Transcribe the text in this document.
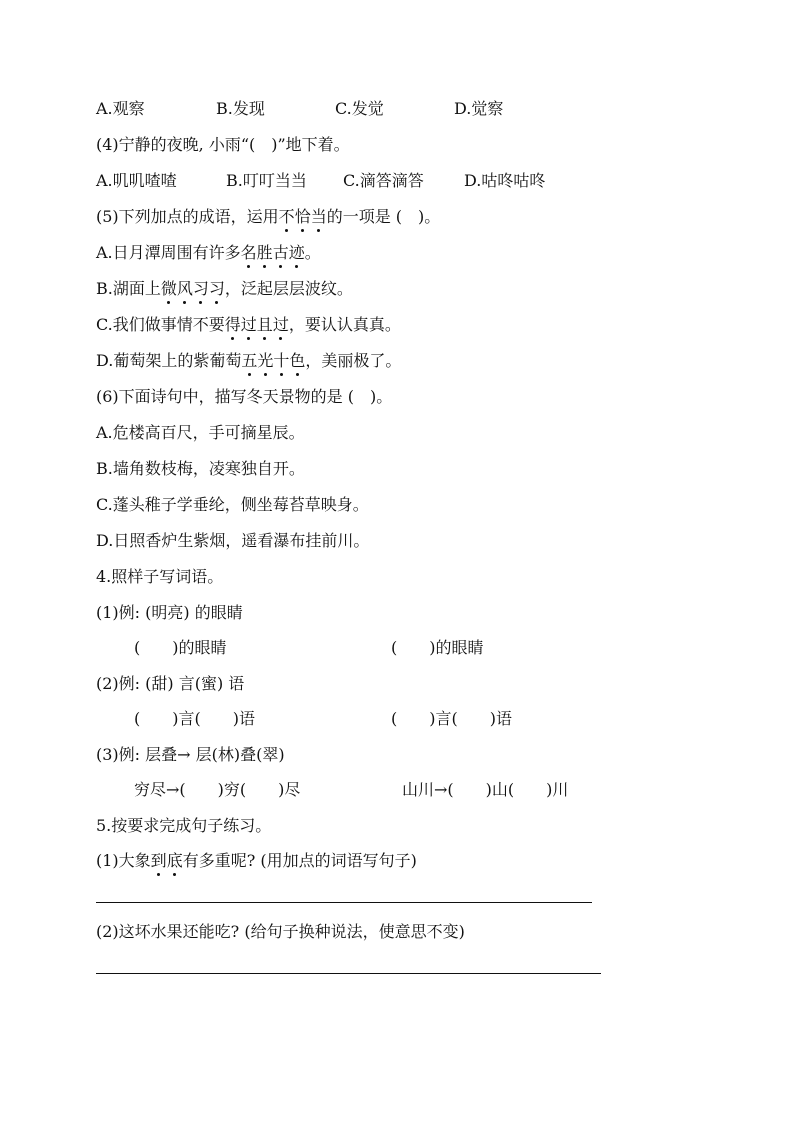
A.观察	B.发现	C.发觉	D.觉察
(4)宁静的夜晚, 小雨“(　)”地下着。
A.叽叽喳喳	B.叮叮当当 C.滴答滴答	D.咕咚咕咚
(5)下列加点的成语，运用不恰当的一项是 (　)。
A.日月潭周围有许多名胜古迹。
B.湖面上微风习习，泛起层层波纹。
C.我们做事情不要得过且过，要认认真真。
D.葡萄架上的紫葡萄五光十色，美丽极了。
(6)下面诗句中，描写冬天景物的是 (　)。
A.危楼高百尺，手可摘星辰。
B.墙角数枝梅，凌寒独自开。
C.蓬头稚子学垂纶，侧坐莓苔草映身。
D.日照香炉生紫烟，遥看瀑布挂前川。
4.照样子写词语。
(1)例: (明亮) 的眼睛
(　　)的眼睛	(　　)的眼睛
(2)例: (甜) 言(蜜) 语
(　　)言(　　)语	(　　)言(　　)语
(3)例: 层叠→ 层(林)叠(翠)
穷尽→(　　)穷(　　)尽	山川→(　　)山(　　)川
5.按要求完成句子练习。
(1)大象到底有多重呢? (用加点的词语写句子)
(2)这坏水果还能吃? (给句子换种说法，使意思不变)
